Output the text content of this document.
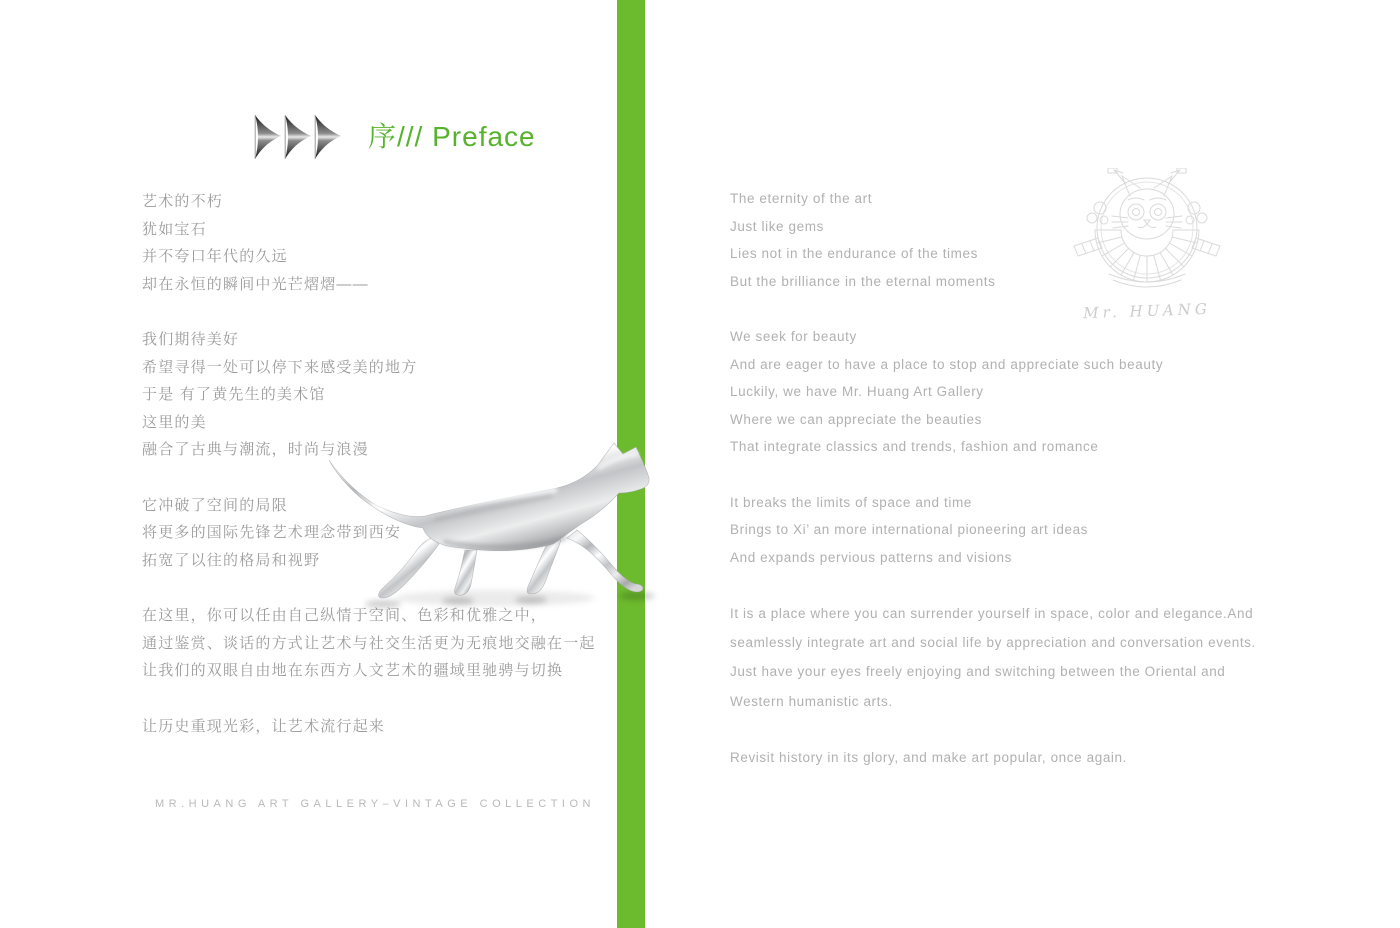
Mr. HUANG
序/// Preface
艺术的不朽
犹如宝石
并不夸口年代的久远
却在永恒的瞬间中光芒熠熠——
我们期待美好
希望寻得一处可以停下来感受美的地方
于是 有了黄先生的美术馆
这里的美
融合了古典与潮流，时尚与浪漫
它冲破了空间的局限
将更多的国际先锋艺术理念带到西安
拓宽了以往的格局和视野
在这里，你可以任由自己纵情于空间、色彩和优雅之中，
通过鉴赏、谈话的方式让艺术与社交生活更为无痕地交融在一起
让我们的双眼自由地在东西方人文艺术的疆域里驰骋与切换
让历史重现光彩，让艺术流行起来
MR.HUANG ART GALLERY–VINTAGE COLLECTION
The eternity of the art
Just like gems
Lies not in the endurance of the times
But the brilliance in the eternal moments
We seek for beauty
And are eager to have a place to stop and appreciate such beauty
Luckily, we have Mr. Huang Art Gallery
Where we can appreciate the beauties
That integrate classics and trends, fashion and romance
It breaks the limits of space and time
Brings to Xi’ an more international pioneering art ideas
And expands pervious patterns and visions
It is a place where you can surrender yourself in space, color and elegance.And
seamlessly integrate art and social life by appreciation and conversation events.
Just have your eyes freely enjoying and switching between the Oriental and
Western humanistic arts.
Revisit history in its glory, and make art popular, once again.
Mr. HUANG
